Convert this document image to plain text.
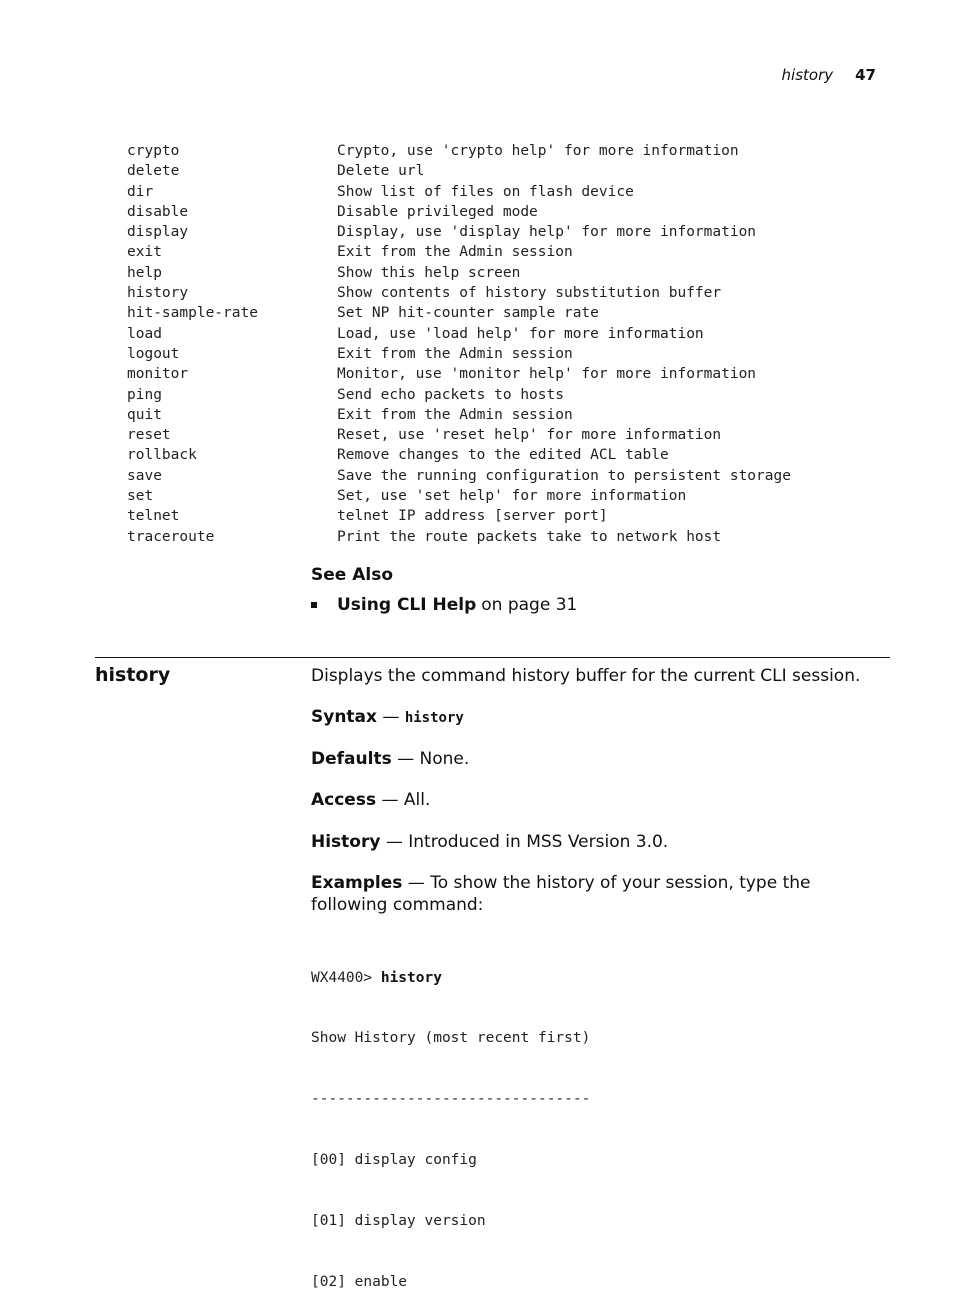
history 47
crypto	Crypto, use 'crypto help' for more information
delete	Delete url
dir	Show list of files on flash device
disable	Disable privileged mode
display	Display, use 'display help' for more information
exit	Exit from the Admin session
help	Show this help screen
history	Show contents of history substitution buffer
hit-sample-rate	Set NP hit-counter sample rate
load	Load, use 'load help' for more information
logout	Exit from the Admin session
monitor	Monitor, use 'monitor help' for more information
ping	Send echo packets to hosts
quit	Exit from the Admin session
reset	Reset, use 'reset help' for more information
rollback	Remove changes to the edited ACL table
save	Save the running configuration to persistent storage
set	Set, use 'set help' for more information
telnet	telnet IP address [server port]
traceroute	Print the route packets take to network host
See Also
Using CLI Help on page 31
history	Displays the command history buffer for the current CLI session.
Syntax — history
Defaults — None.
Access — All.
History — Introduced in MSS Version 3.0.
Examples — To show the history of your session, type the following command:

WX4400> history

Show History (most recent first)

--------------------------------

[00] display config

[01] display version

[02] enable
